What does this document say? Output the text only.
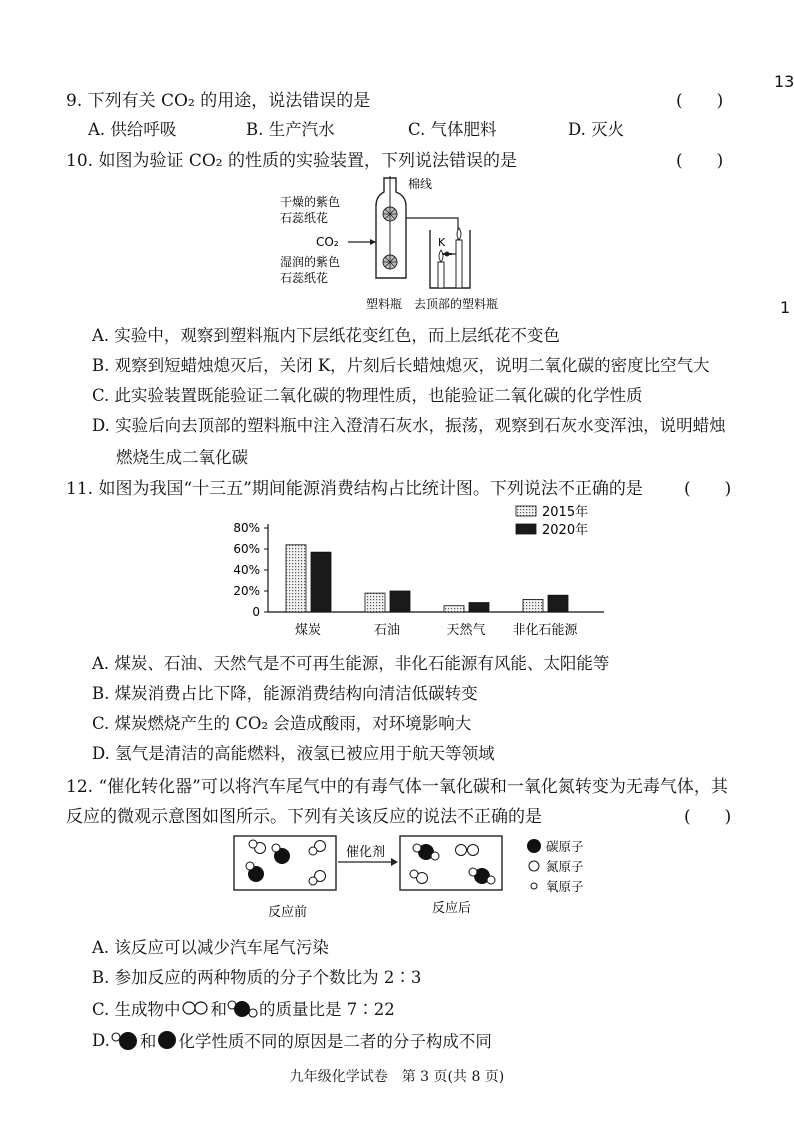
13
1
9. 下列有关 CO₂ 的用途，说法错误的是	(　　)
A. 供给呼吸	B. 生产汽水	C. 气体肥料	D. 灭火
10. 如图为验证 CO₂ 的性质的实验装置，下列说法错误的是	(　　)
棉线
干燥的紫色
石蕊纸花
CO₂
湿润的紫色
石蕊纸花
K
塑料瓶　去顶部的塑料瓶
A. 实验中，观察到塑料瓶内下层纸花变红色，而上层纸花不变色
B. 观察到短蜡烛熄灭后，关闭 K，片刻后长蜡烛熄灭，说明二氧化碳的密度比空气大
C. 此实验装置既能验证二氧化碳的物理性质，也能验证二氧化碳的化学性质
D. 实验后向去顶部的塑料瓶中注入澄清石灰水，振荡，观察到石灰水变浑浊，说明蜡烛
燃烧生成二氧化碳
11. 如图为我国“十三五”期间能源消费结构占比统计图。下列说法不正确的是 (　　)
0
20%
40%
60%
80%
煤炭	石油	天然气 非化石能源
2015年
2020年
A. 煤炭、石油、天然气是不可再生能源，非化石能源有风能、太阳能等
B. 煤炭消费占比下降，能源消费结构向清洁低碳转变
C. 煤炭燃烧产生的 CO₂ 会造成酸雨，对环境影响大
D. 氢气是清洁的高能燃料，液氢已被应用于航天等领域
12. “催化转化器”可以将汽车尾气中的有毒气体一氧化碳和一氧化氮转变为无毒气体，其
反应的微观示意图如图所示。下列有关该反应的说法不正确的是	(　　)
催化剂	碳原子
氮原子
氧原子
反应前	反应后
A. 该反应可以减少汽车尾气污染
B. 参加反应的两种物质的分子个数比为 2∶3
C. 生成物中 和 的质量比是 7∶22
D. 和 化学性质不同的原因是二者的分子构成不同
九年级化学试卷　第 3 页(共 8 页)
